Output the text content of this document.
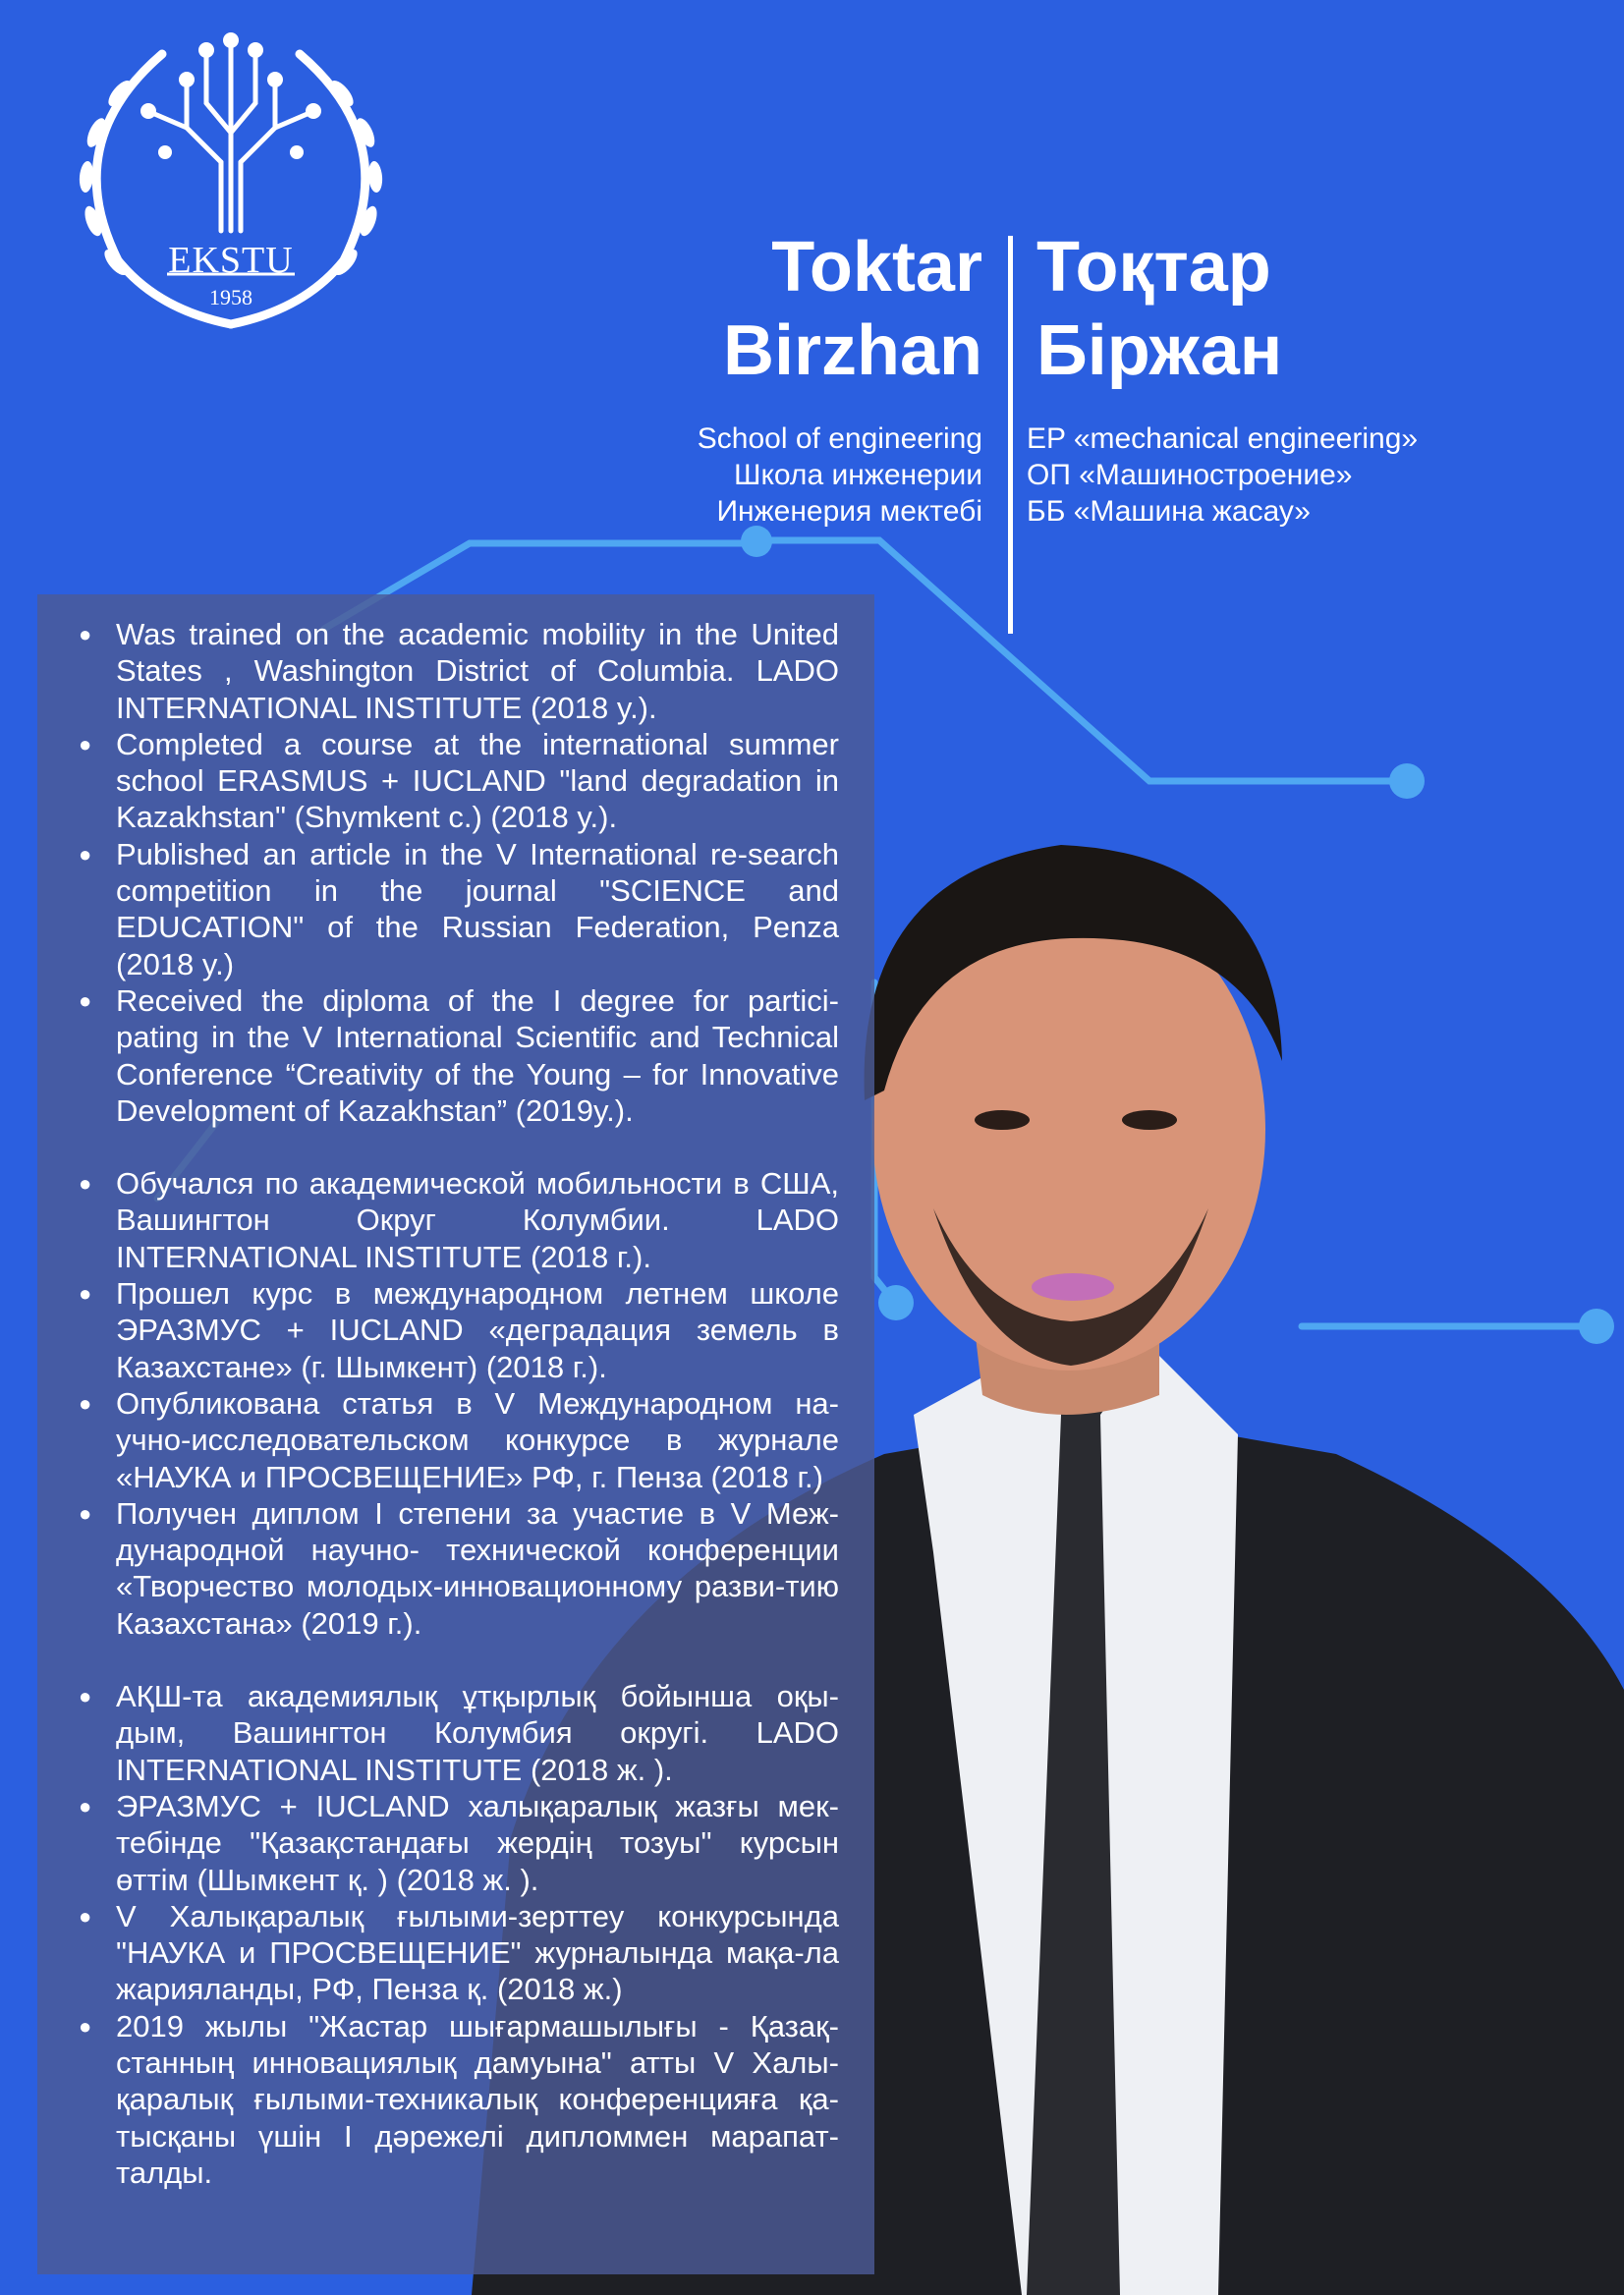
EKSTU
1958	Toktar
Birzhan
Тоқтар
Біржан
School of engineering
Школа инженерии
Инженерия мектебі
EP «mechanical engineering»
ОП «Машиностроение»
ББ «Машина жасау»
● Was trained on the academic mobility in the United States , Washington District of Columbia. LADO INTERNATIONAL INSTITUTE (2018 y.).
● Completed a course at the international summer school ERASMUS + IUCLAND "land degradation in Kazakhstan" (Shymkent c.) (2018 y.).
● Published an article in the V International re-search competition in the journal "SCIENCE and EDUCATION" of the Russian Federation, Penza (2018 y.)
● Received the diploma of the I degree for partici-pating in the V International Scientific and Technical Conference “Creativity of the Young – for Innovative Development of Kazakhstan” (2019y.).
● Обучался по академической мобильности в США, Вашингтон Округ Колумбии. LADO INTERNATIONAL INSTITUTE (2018 г.).
● Прошел курс в международном летнем школе ЭРАЗМУС + IUCLAND «деградация земель в Казахстане» (г. Шымкент) (2018 г.).
● Опубликована статья в V Международном на-учно-исследовательском конкурсе в журнале «НАУКА и ПРОСВЕЩЕНИЕ» РФ, г. Пенза (2018 г.)
● Получен диплом I степени за участие в V Меж-дународной научно- технической конференции «Творчество молодых-инновационному разви-тию Казахстана» (2019 г.).
● АҚШ-та академиялық ұтқырлық бойынша оқы-дым, Вашингтон Колумбия округі. LADO INTERNATIONAL INSTITUTE (2018 ж. ).
● ЭРАЗМУС + IUCLAND халықаралық жазғы мек-тебінде "Қазақстандағы жердің тозуы" курсын өттім (Шымкент қ. ) (2018 ж. ).
● V Халықаралық ғылыми-зерттеу конкурсында "НАУКА и ПРОСВЕЩЕНИЕ" журналында мақа-ла жарияланды, РФ, Пенза қ. (2018 ж.)
● 2019 жылы "Жастар шығармашылығы - Қазақ-станның инновациялық дамуына" атты V Халы-қаралық ғылыми-техникалық конференцияға қа-тысқаны үшін I дәрежелі дипломмен марапат-талды.
